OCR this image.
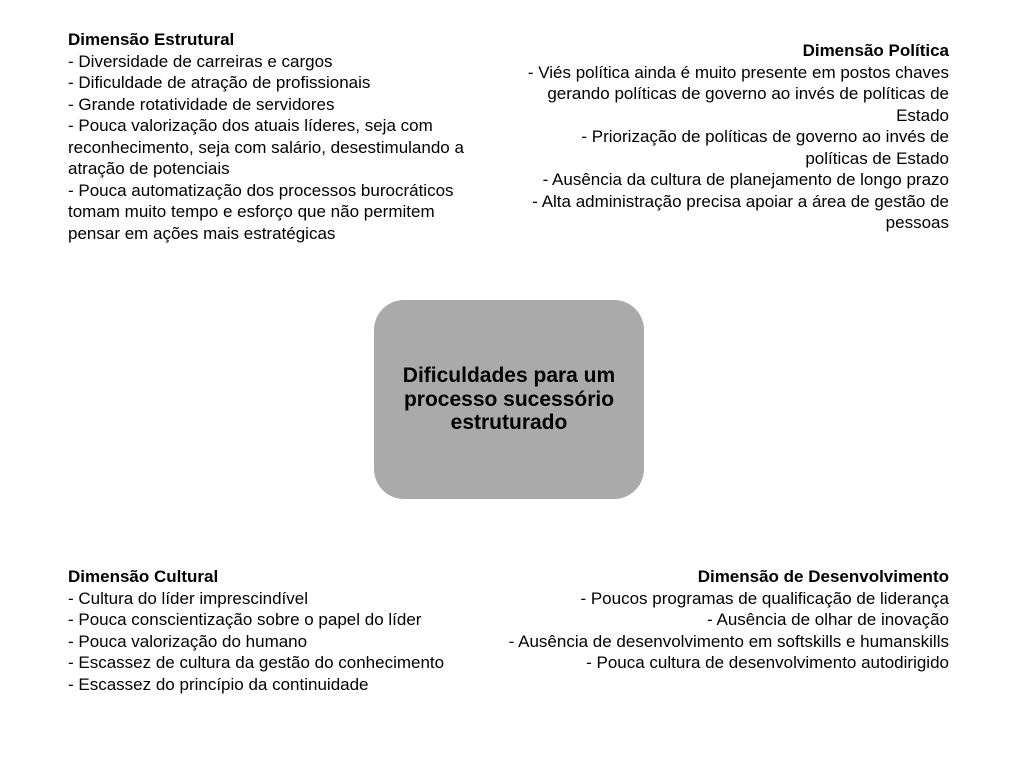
Dimensão Estrutural
- Diversidade de carreiras e cargos
- Dificuldade de atração de profissionais
- Grande rotatividade de servidores
- Pouca valorização dos atuais líderes, seja com reconhecimento, seja com salário, desestimulando a atração de potenciais
- Pouca automatização dos processos burocráticos tomam muito tempo e esforço que não permitem pensar em ações mais estratégicas
Dimensão Política
- Viés política ainda é muito presente em postos chaves gerando políticas de governo ao invés de políticas de Estado
- Priorização de políticas de governo ao invés de políticas de Estado
- Ausência da cultura de planejamento de longo prazo
- Alta administração precisa apoiar a área de gestão de pessoas
Dificuldades para um processo sucessório estruturado
Dimensão Cultural
- Cultura do líder imprescindível
- Pouca conscientização sobre o papel do líder
- Pouca valorização do humano
- Escassez de cultura da gestão do conhecimento
- Escassez do princípio da continuidade
Dimensão de Desenvolvimento
- Poucos programas de qualificação de liderança
- Ausência de olhar de inovação
- Ausência de desenvolvimento em softskills e humanskills
- Pouca cultura de desenvolvimento autodirigido
